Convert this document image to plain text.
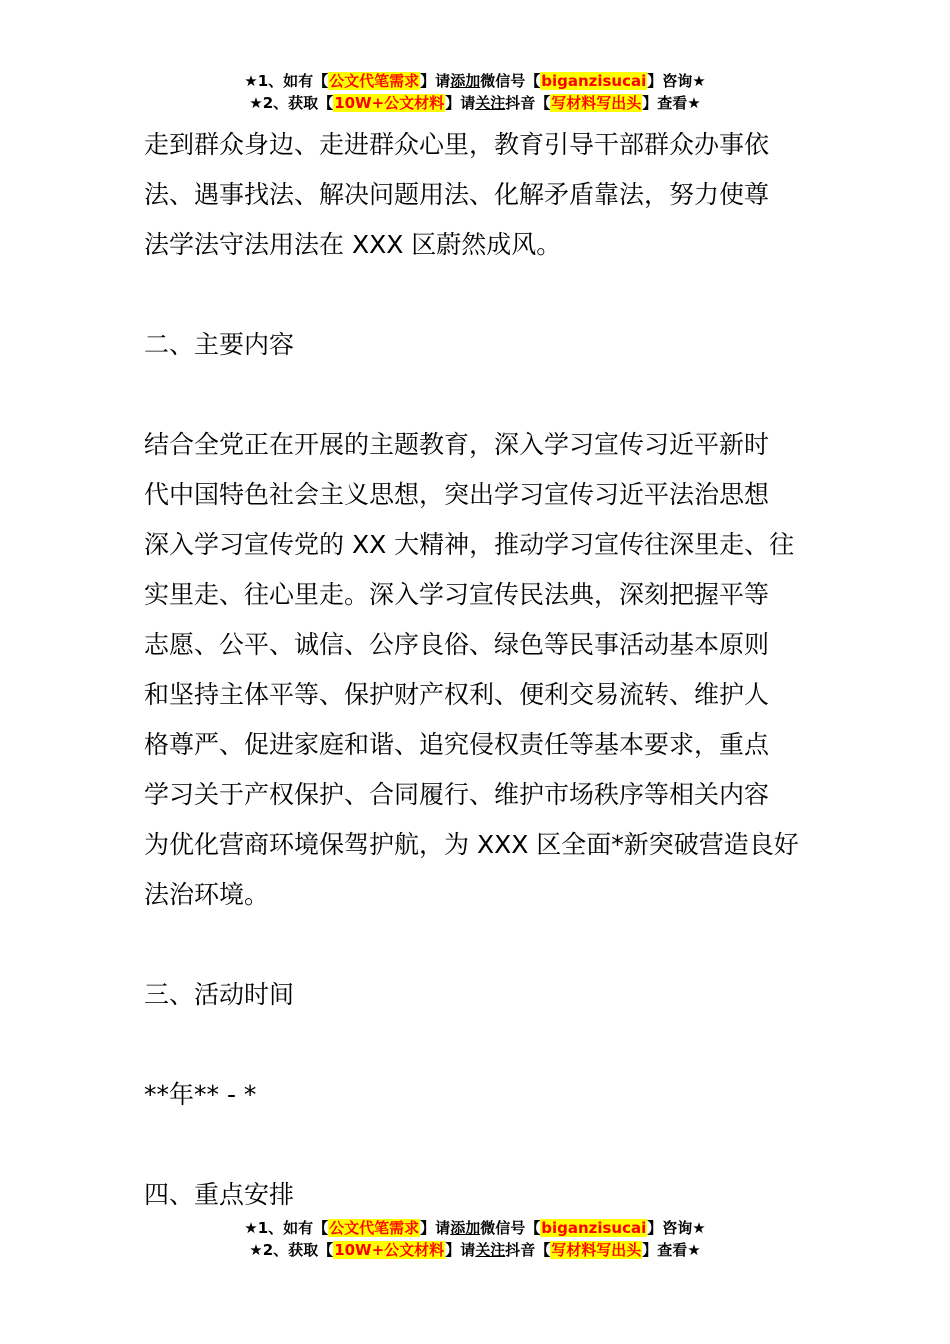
★1、如有【公文代笔需求】请添加微信号【biganzisucai】咨询★
★2、获取【10W+公文材料】请关注抖音【写材料写出头】查看★

走到群众身边、走进群众心里，教育引导干部群众办事依

法、遇事找法、解决问题用法、化解矛盾靠法，努力使尊

法学法守法用法在 XXX 区蔚然成风。

二、主要内容

结合全党正在开展的主题教育，深入学习宣传习近平新时

代中国特色社会主义思想，突出学习宣传习近平法治思想

深入学习宣传党的 XX 大精神，推动学习宣传往深里走、往

实里走、往心里走。深入学习宣传民法典，深刻把握平等

志愿、公平、诚信、公序良俗、绿色等民事活动基本原则

和坚持主体平等、保护财产权利、便利交易流转、维护人

格尊严、促进家庭和谐、追究侵权责任等基本要求，重点

学习关于产权保护、合同履行、维护市场秩序等相关内容

为优化营商环境保驾护航，为 XXX 区全面*新突破营造良好

法治环境。

三、活动时间

**年** - *

四、重点安排

★1、如有【公文代笔需求】请添加微信号【biganzisucai】咨询★
★2、获取【10W+公文材料】请关注抖音【写材料写出头】查看★
